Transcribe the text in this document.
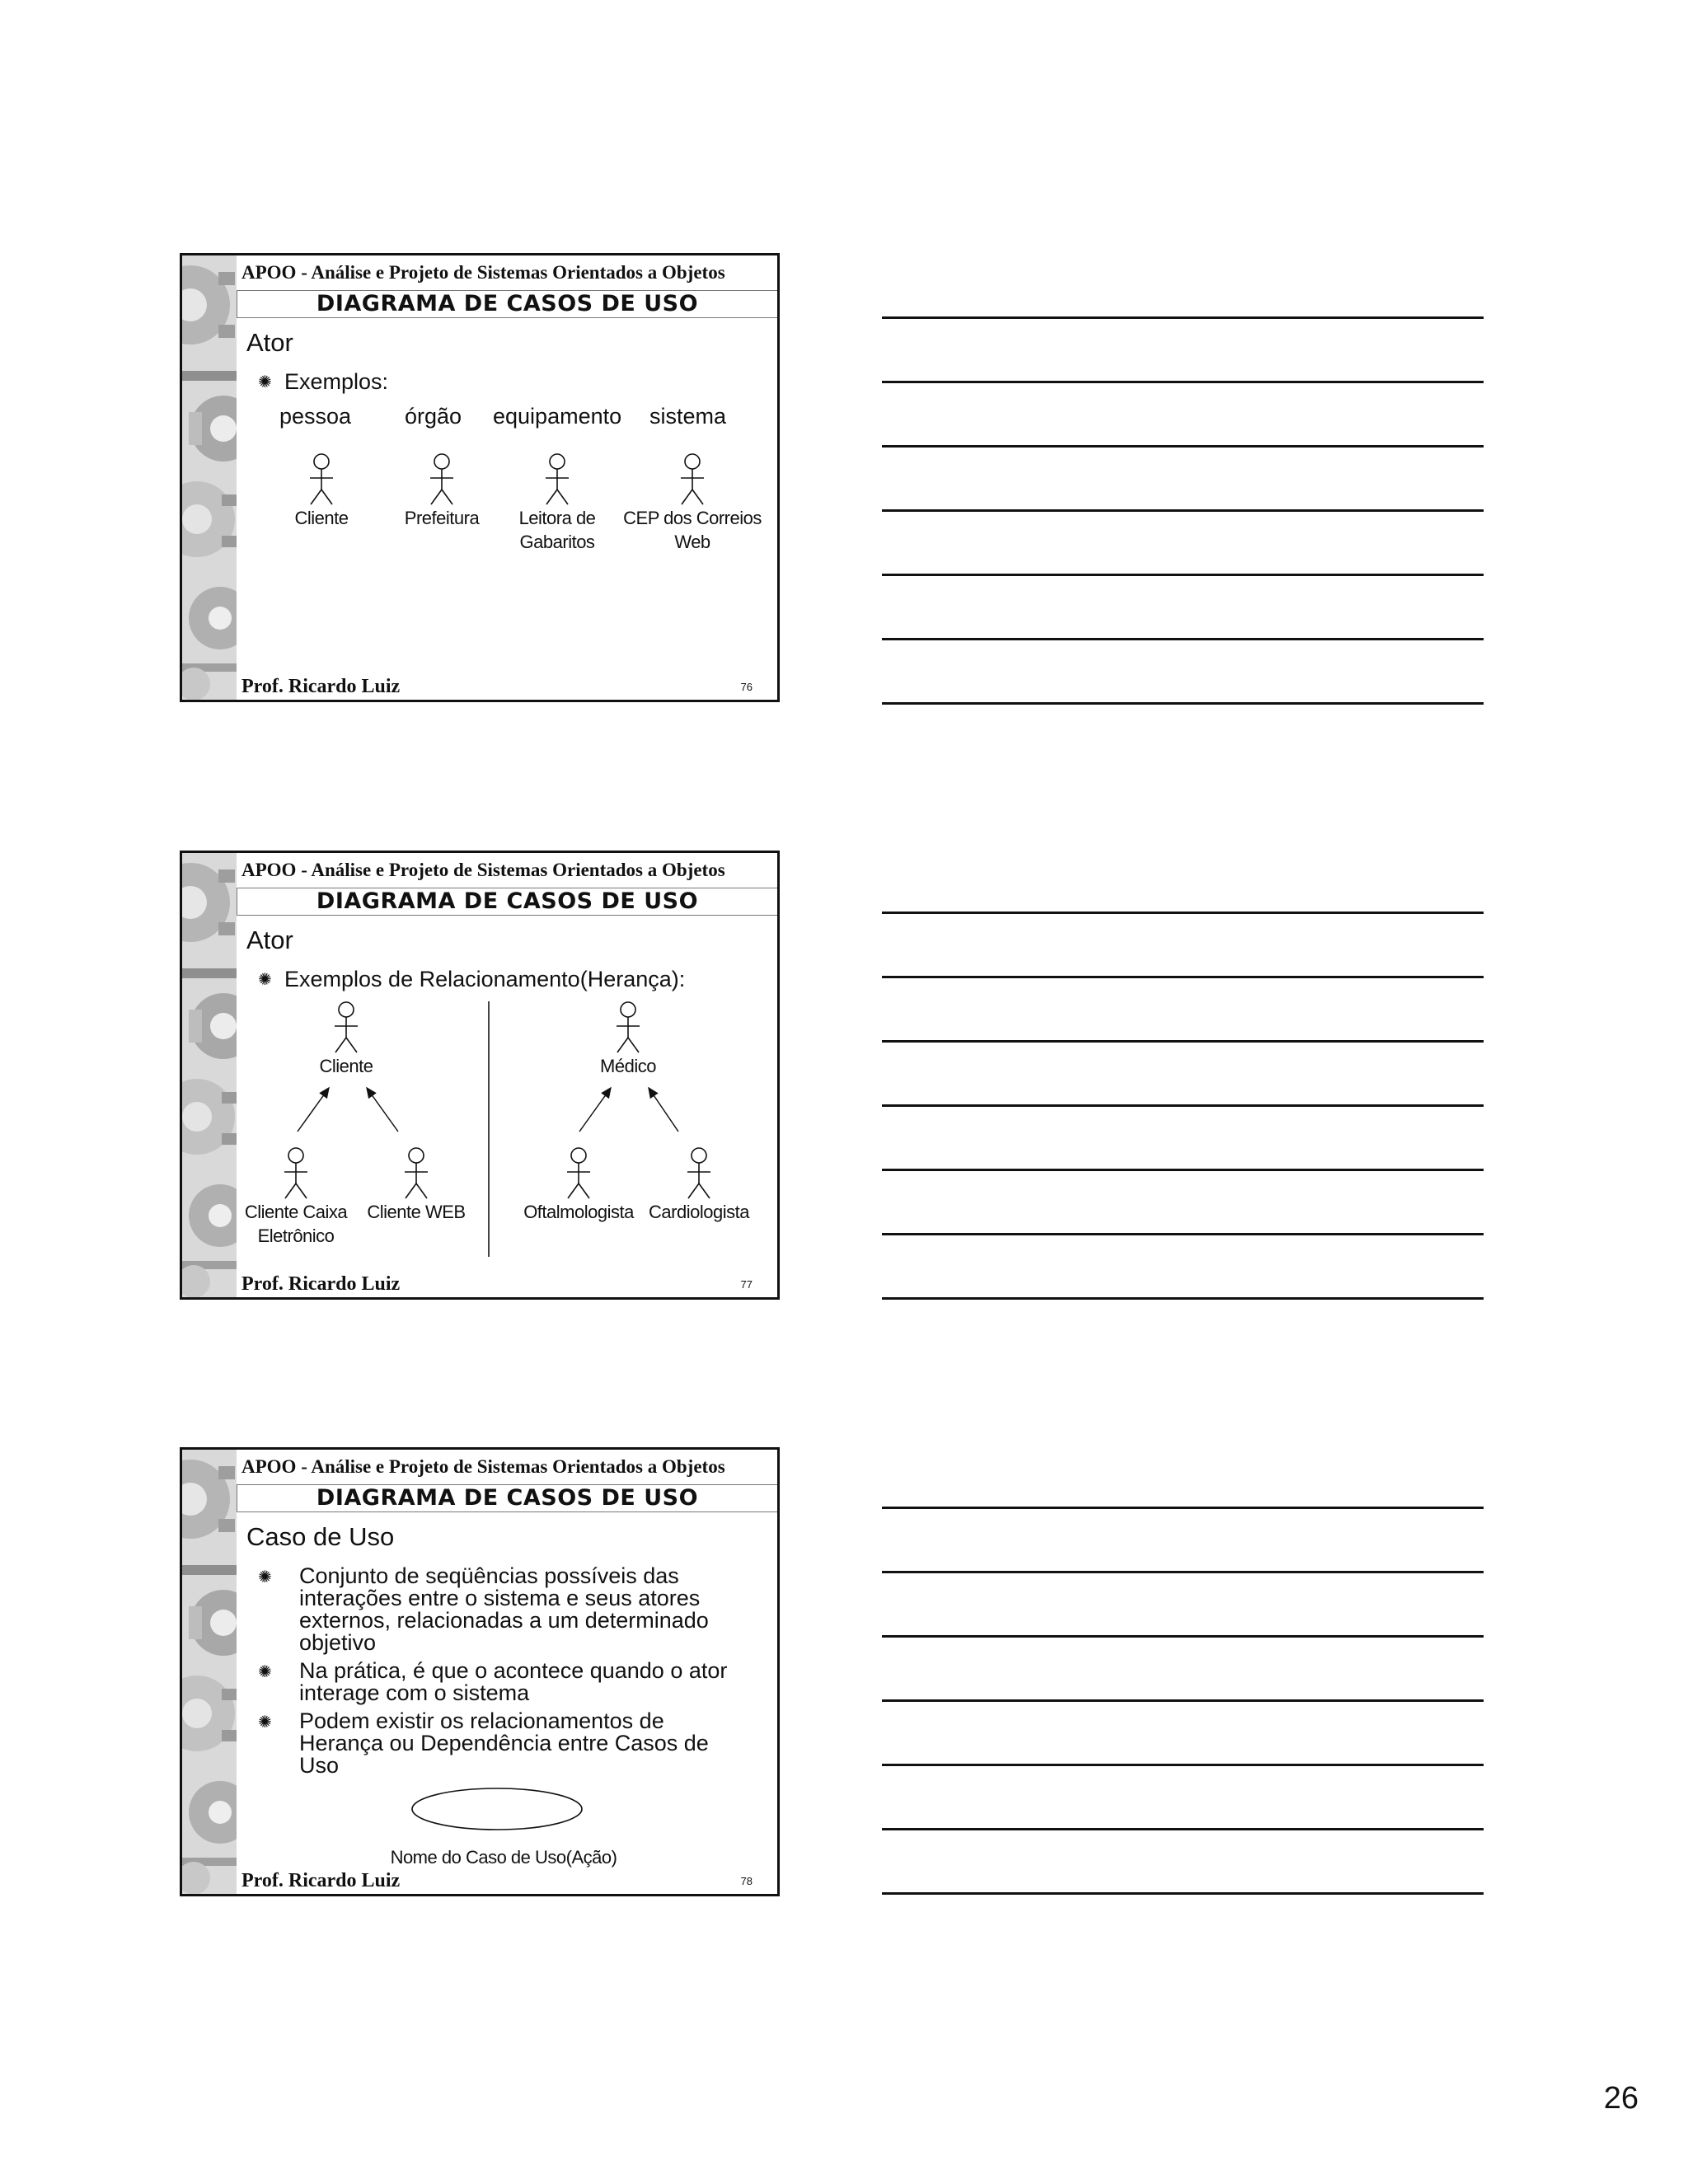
APOO - Análise e Projeto de Sistemas Orientados a Objetos
DIAGRAMA DE CASOS DE USO
Ator
✺ Exemplos:
pessoa órgão equipamento sistema
Cliente	Prefeitura	Leitora de
Gabaritos
CEP dos Correios
Web
Prof. Ricardo Luiz	76
APOO - Análise e Projeto de Sistemas Orientados a Objetos
DIAGRAMA DE CASOS DE USO
Ator
✺ Exemplos de Relacionamento(Herança):
Cliente	Médico
Cliente Caixa
Eletrônico
Cliente WEB	Oftalmologista Cardiologista
Prof. Ricardo Luiz	77
APOO - Análise e Projeto de Sistemas Orientados a Objetos
DIAGRAMA DE CASOS DE USO
Caso de Uso
✺ Conjunto de seqüências possíveis das
interações entre o sistema e seus atores
externos, relacionadas a um determinado
objetivo
✺ Na prática, é que o acontece quando o ator
interage com o sistema
✺ Podem existir os relacionamentos de
Herança ou Dependência entre Casos de
Uso
Nome do Caso de Uso(Ação)
Prof. Ricardo Luiz	78
26
